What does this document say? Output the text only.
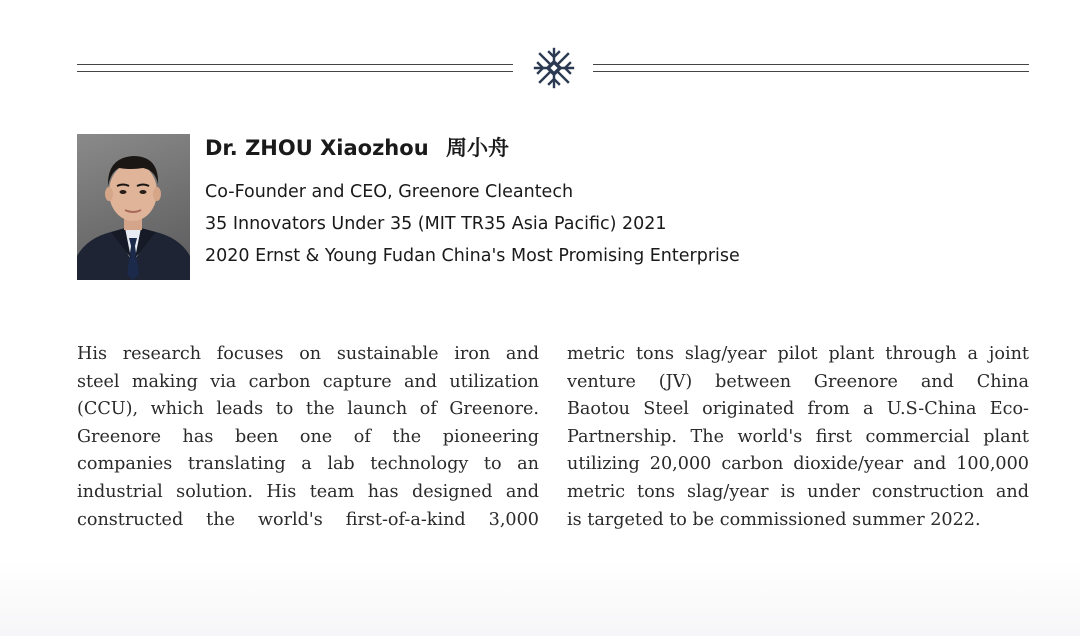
Dr. ZHOU Xiaozhou 周小舟
Co-Founder and CEO, Greenore Cleantech
35 Innovators Under 35 (MIT TR35 Asia Pacific) 2021
2020 Ernst & Young Fudan China's Most Promising Enterprise
His research focuses on sustainable iron and
steel making via carbon capture and utilization
(CCU), which leads to the launch of Greenore.
Greenore has been one of the pioneering
companies translating a lab technology to an
industrial solution. His team has designed and
constructed the world's first-of-a-kind 3,000
metric tons slag/year pilot plant through a joint
venture (JV) between Greenore and China
Baotou Steel originated from a U.S-China Eco-
Partnership. The world's first commercial plant
utilizing 20,000 carbon dioxide/year and 100,000
metric tons slag/year is under construction and
is targeted to be commissioned summer 2022.
